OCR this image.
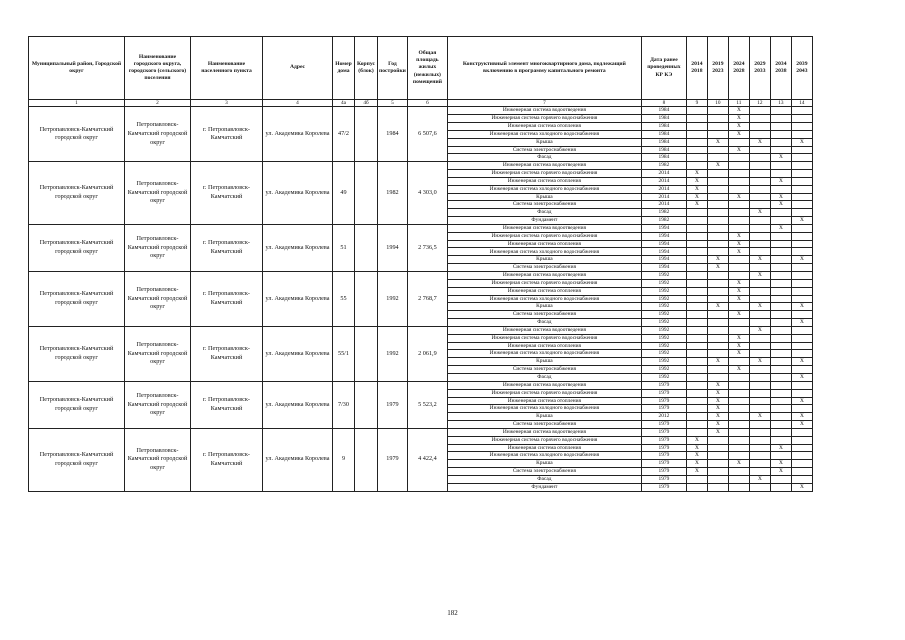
Муниципальный район, Городской округ	Наименование городского округа, городского (сельского) поселения	Наименование населенного пункта	Адрес	Номер дома	Корпус (блок)	Год постройки	Общая площадь жилых (нежилых) помещений	Конструктивный элемент многоквартирного дома, подлежащий включению в программу капитального ремонта	Дата ранее проведенных КР КЭ	2014 2018	2019 2023	2024 2028	2029 2033	2034 2038	2039 2043
1	2	3	4	4а	4б	5	6	7	8	9	10	11	12	13	14
Петропавловск-Камчатский городской округ	Петропавловск-Камчатский городской округ	г. Петропавловск-Камчатский	ул. Академика Королева	47/2		1984	6 507,6	Инженерная система водоотведения	1984			X			
								Инженерная система горячего водоснабжения	1984			X			
								Инженерная система отопления	1984			X			
								Инженерная система холодного водоснабжения	1984			X			
								Крыша	1984		X		X		X
								Система электроснабжения	1984			X			
								Фасад	1984					X	
Петропавловск-Камчатский городской округ	Петропавловск-Камчатский городской округ	г. Петропавловск-Камчатский	ул. Академика Королева	49		1982	4 303,0	Инженерная система водоотведения	1982		X				
								Инженерная система горячего водоснабжения	2014	X					
								Инженерная система отопления	2014	X				X	
								Инженерная система холодного водоснабжения	2014	X					
								Крыша	2014	X		X		X	
								Система электроснабжения	2014	X				X	
								Фасад	1982				X		
								Фундамент	1982						X
Петропавловск-Камчатский городской округ	Петропавловск-Камчатский городской округ	г. Петропавловск-Камчатский	ул. Академика Королева	51		1994	2 736,5	Инженерная система водоотведения	1994					X	
								Инженерная система горячего водоснабжения	1994			X			
								Инженерная система отопления	1994			X			
								Инженерная система холодного водоснабжения	1994			X			
								Крыша	1994		X		X		X
								Система электроснабжения	1994		X				
Петропавловск-Камчатский городской округ	Петропавловск-Камчатский городской округ	г. Петропавловск-Камчатский	ул. Академика Королева	55		1992	2 768,7	Инженерная система водоотведения	1992				X		
								Инженерная система горячего водоснабжения	1992			X			
								Инженерная система отопления	1992			X			
								Инженерная система холодного водоснабжения	1992			X			
								Крыша	1992		X		X		X
								Система электроснабжения	1992			X			
								Фасад	1992						X
Петропавловск-Камчатский городской округ	Петропавловск-Камчатский городской округ	г. Петропавловск-Камчатский	ул. Академика Королева	55/1		1992	2 061,9	Инженерная система водоотведения	1992				X		
								Инженерная система горячего водоснабжения	1992			X			
								Инженерная система отопления	1992			X			
								Инженерная система холодного водоснабжения	1992			X			
								Крыша	1992		X		X		X
								Система электроснабжения	1992			X			
								Фасад	1992						X
Петропавловск-Камчатский городской округ	Петропавловск-Камчатский городской округ	г. Петропавловск-Камчатский	ул. Академика Королева	7/30		1979	5 523,2	Инженерная система водоотведения	1979		X				
								Инженерная система горячего водоснабжения	1979		X				
								Инженерная система отопления	1979		X				X
								Инженерная система холодного водоснабжения	1979		X				
								Крыша	2012		X		X		X
								Система электроснабжения	1979		X				X
Петропавловск-Камчатский городской округ	Петропавловск-Камчатский городской округ	г. Петропавловск-Камчатский	ул. Академика Королева	9		1979	4 422,4	Инженерная система водоотведения	1979		X				
								Инженерная система горячего водоснабжения	1979	X					
								Инженерная система отопления	1979	X				X	
								Инженерная система холодного водоснабжения	1979	X					
								Крыша	1979	X		X		X	
								Система электроснабжения	1979	X				X	
								Фасад	1979				X		
								Фундамент	1979						X
182
